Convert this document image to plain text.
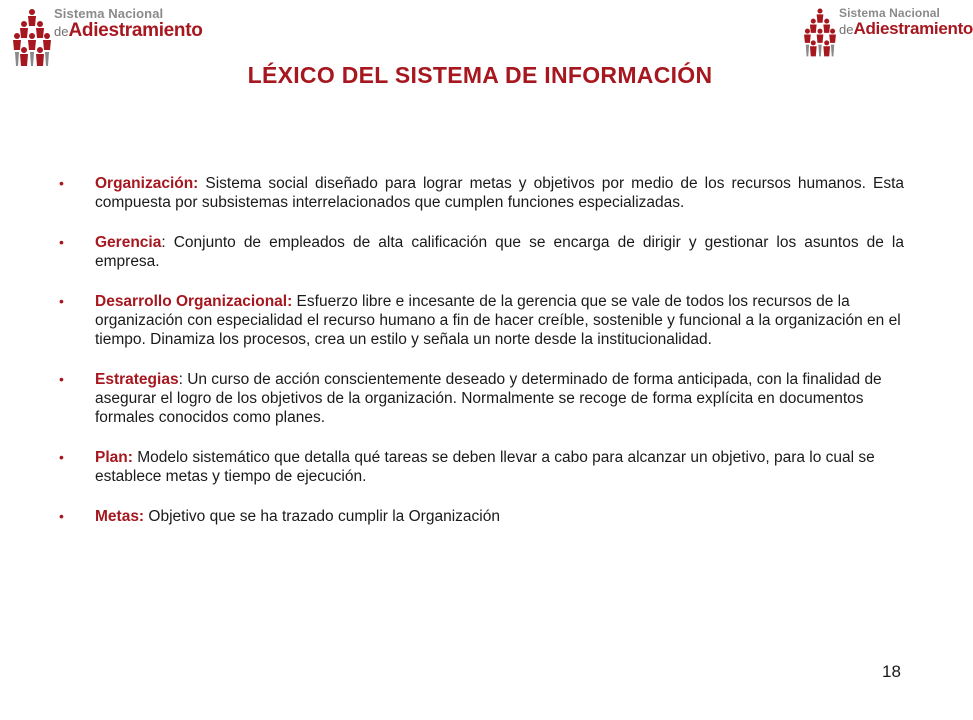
Sistema Nacional
deAdiestramiento
Sistema Nacional
deAdiestramiento
LÉXICO DEL SISTEMA DE INFORMACIÓN
• Organización: Sistema social diseñado para lograr metas y objetivos por medio de los recursos humanos. Esta compuesta por subsistemas interrelacionados que cumplen funciones especializadas.
• Gerencia: Conjunto de empleados de alta calificación que se encarga de dirigir y gestionar los asuntos de la empresa.
• Desarrollo Organizacional: Esfuerzo libre e incesante de la gerencia que se vale de todos los recursos de la organización con especialidad el recurso humano a fin de hacer creíble, sostenible y funcional a la organización en el tiempo. Dinamiza los procesos, crea un estilo y señala un norte desde la institucionalidad.
• Estrategias: Un curso de acción conscientemente deseado y determinado de forma anticipada, con la finalidad de asegurar el logro de los objetivos de la organización. Normalmente se recoge de forma explícita en documentos formales conocidos como planes.
• Plan: Modelo sistemático que detalla qué tareas se deben llevar a cabo para alcanzar un objetivo, para lo cual se establece metas y tiempo de ejecución.
• Metas: Objetivo que se ha trazado cumplir la Organización
18
